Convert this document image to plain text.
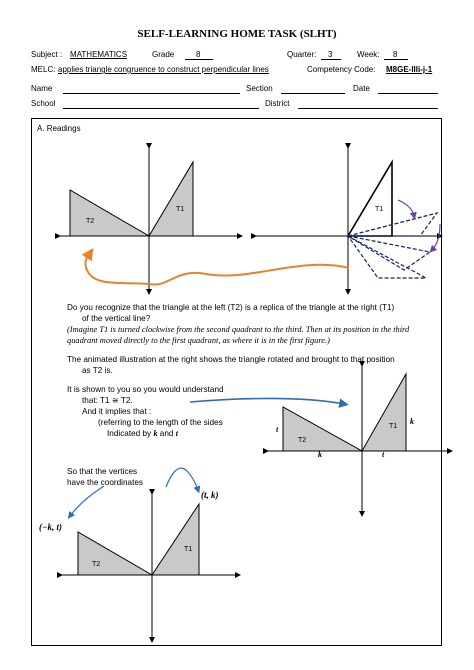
SELF-LEARNING HOME TASK (SLHT)
Subject : MATHEMATICS	Grade	8	Quarter: 3	Week: 8
MELC: applies triangle congruence to construct perpendicular lines	Competency Code: M8GE-IIIi-j-1
Name	Section	Date
School	District
A. Readings
T2
T1	T1
Do you recognize that the triangle at the left (T2) is a replica of the triangle at the right (T1)
of the vertical line?
(Imagine T1 is turned clockwise from the second quadrant to the third. Then at its position in the third
quadrant moved directly to the first quadrant, as where it is in the first figure.)
The animated illustration at the right shows the triangle rotated and brought to that position
as T2 is.
It is shown to you so you would understand
that: T1 ≅ T2.
And it implies that :
(referring to the length of the sides
Indicated by k and t
T2
T1
t
k
k	t
So that the vertices
have the coordinates
T2
T1
(t, k)
(−k, t)
